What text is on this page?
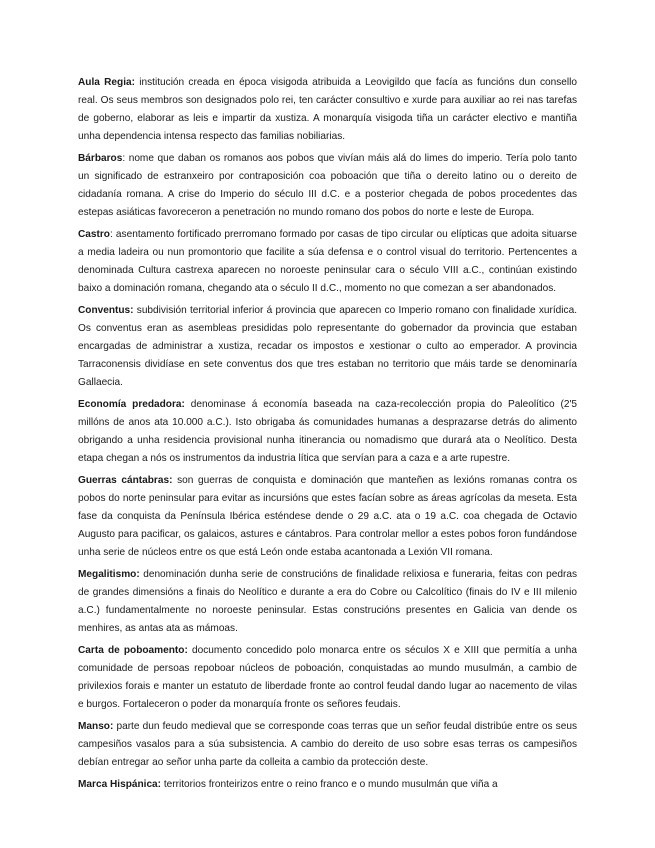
Aula Regia: institución creada en época visigoda atribuida a Leovigildo que facía as funcións dun consello real. Os seus membros son designados polo rei, ten carácter consultivo e xurde para auxiliar ao rei nas tarefas de goberno, elaborar as leis e impartir da xustiza. A monarquía visigoda tiña un carácter electivo e mantiña unha dependencia intensa respecto das familias nobiliarias.

Bárbaros: nome que daban os romanos aos pobos que vivían máis alá do limes do imperio. Tería polo tanto un significado de estranxeiro por contraposición coa poboación que tiña o dereito latino ou o dereito de cidadanía romana. A crise do Imperio do século III d.C. e a posterior chegada de pobos procedentes das estepas asiáticas favoreceron a penetración no mundo romano dos pobos do norte e leste de Europa.

Castro: asentamento fortificado prerromano formado por casas de tipo circular ou elípticas que adoita situarse a media ladeira ou nun promontorio que facilite a súa defensa e o control visual do territorio. Pertencentes a denominada Cultura castrexa aparecen no noroeste peninsular cara o século VIII a.C., continúan existindo baixo a dominación romana, chegando ata o século II d.C., momento no que comezan a ser abandonados.

Conventus: subdivisión territorial inferior á provincia que aparecen co Imperio romano con finalidade xurídica. Os conventus eran as asembleas presididas polo representante do gobernador da provincia que estaban encargadas de administrar a xustiza, recadar os impostos e xestionar o culto ao emperador. A provincia Tarraconensis dividíase en sete conventus dos que tres estaban no territorio que máis tarde se denominaría Gallaecia.

Economía predadora: denominase á economía baseada na caza-recolección propia do Paleolítico (2'5 millóns de anos ata 10.000 a.C.). Isto obrigaba ás comunidades humanas a desprazarse detrás do alimento obrigando a unha residencia provisional nunha itinerancia ou nomadismo que durará ata o Neolítico. Desta etapa chegan a nós os instrumentos da industria lítica que servían para a caza e a arte rupestre.

Guerras cántabras: son guerras de conquista e dominación que manteñen as lexións romanas contra os pobos do norte peninsular para evitar as incursións que estes facían sobre as áreas agrícolas da meseta. Esta fase da conquista da Península Ibérica esténdese dende o 29 a.C. ata o 19 a.C. coa chegada de Octavio Augusto para pacificar, os galaicos, astures e cántabros. Para controlar mellor a estes pobos foron fundándose unha serie de núcleos entre os que está León onde estaba acantonada a Lexión VII romana.

Megalitismo: denominación dunha serie de construcións de finalidade relixiosa e funeraria, feitas con pedras de grandes dimensións a finais do Neolítico e durante a era do Cobre ou Calcolítico (finais do IV e III milenio a.C.) fundamentalmente no noroeste peninsular. Estas construcións presentes en Galicia van dende os menhires, as antas ata as mámoas.

Carta de poboamento: documento concedido polo monarca entre os séculos X e XIII que permitía a unha comunidade de persoas repoboar núcleos de poboación, conquistadas ao mundo musulmán, a cambio de privilexios forais e manter un estatuto de liberdade fronte ao control feudal dando lugar ao nacemento de vilas e burgos. Fortaleceron o poder da monarquía fronte os señores feudais.

Manso: parte dun feudo medieval que se corresponde coas terras que un señor feudal distribúe entre os seus campesiños vasalos para a súa subsistencia. A cambio do dereito de uso sobre esas terras os campesiños debían entregar ao señor unha parte da colleita a cambio da protección deste.

Marca Hispánica: territorios fronteirizos entre o reino franco e o mundo musulmán que viña a
